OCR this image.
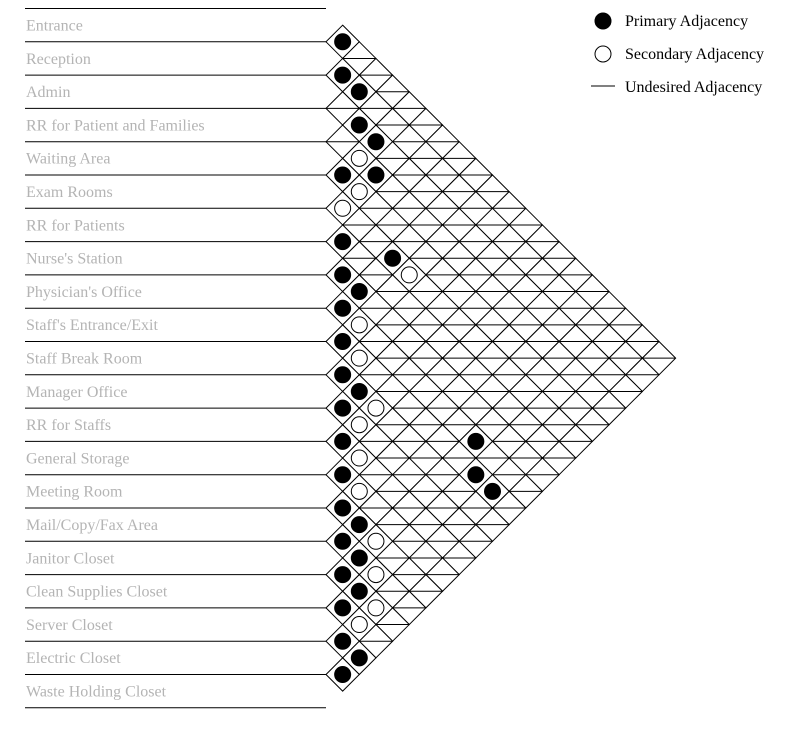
Entrance
Reception
Admin
RR for Patient and Families
Waiting Area
Exam Rooms
RR for Patients
Nurse's Station
Physician's Office
Staff's Entrance/Exit
Staff Break Room
Manager Office
RR for Staffs
General Storage
Meeting Room
Mail/Copy/Fax Area
Janitor Closet
Clean Supplies Closet
Server Closet
Electric Closet
Waste Holding Closet
Primary Adjacency
Secondary Adjacency
Undesired Adjacency
